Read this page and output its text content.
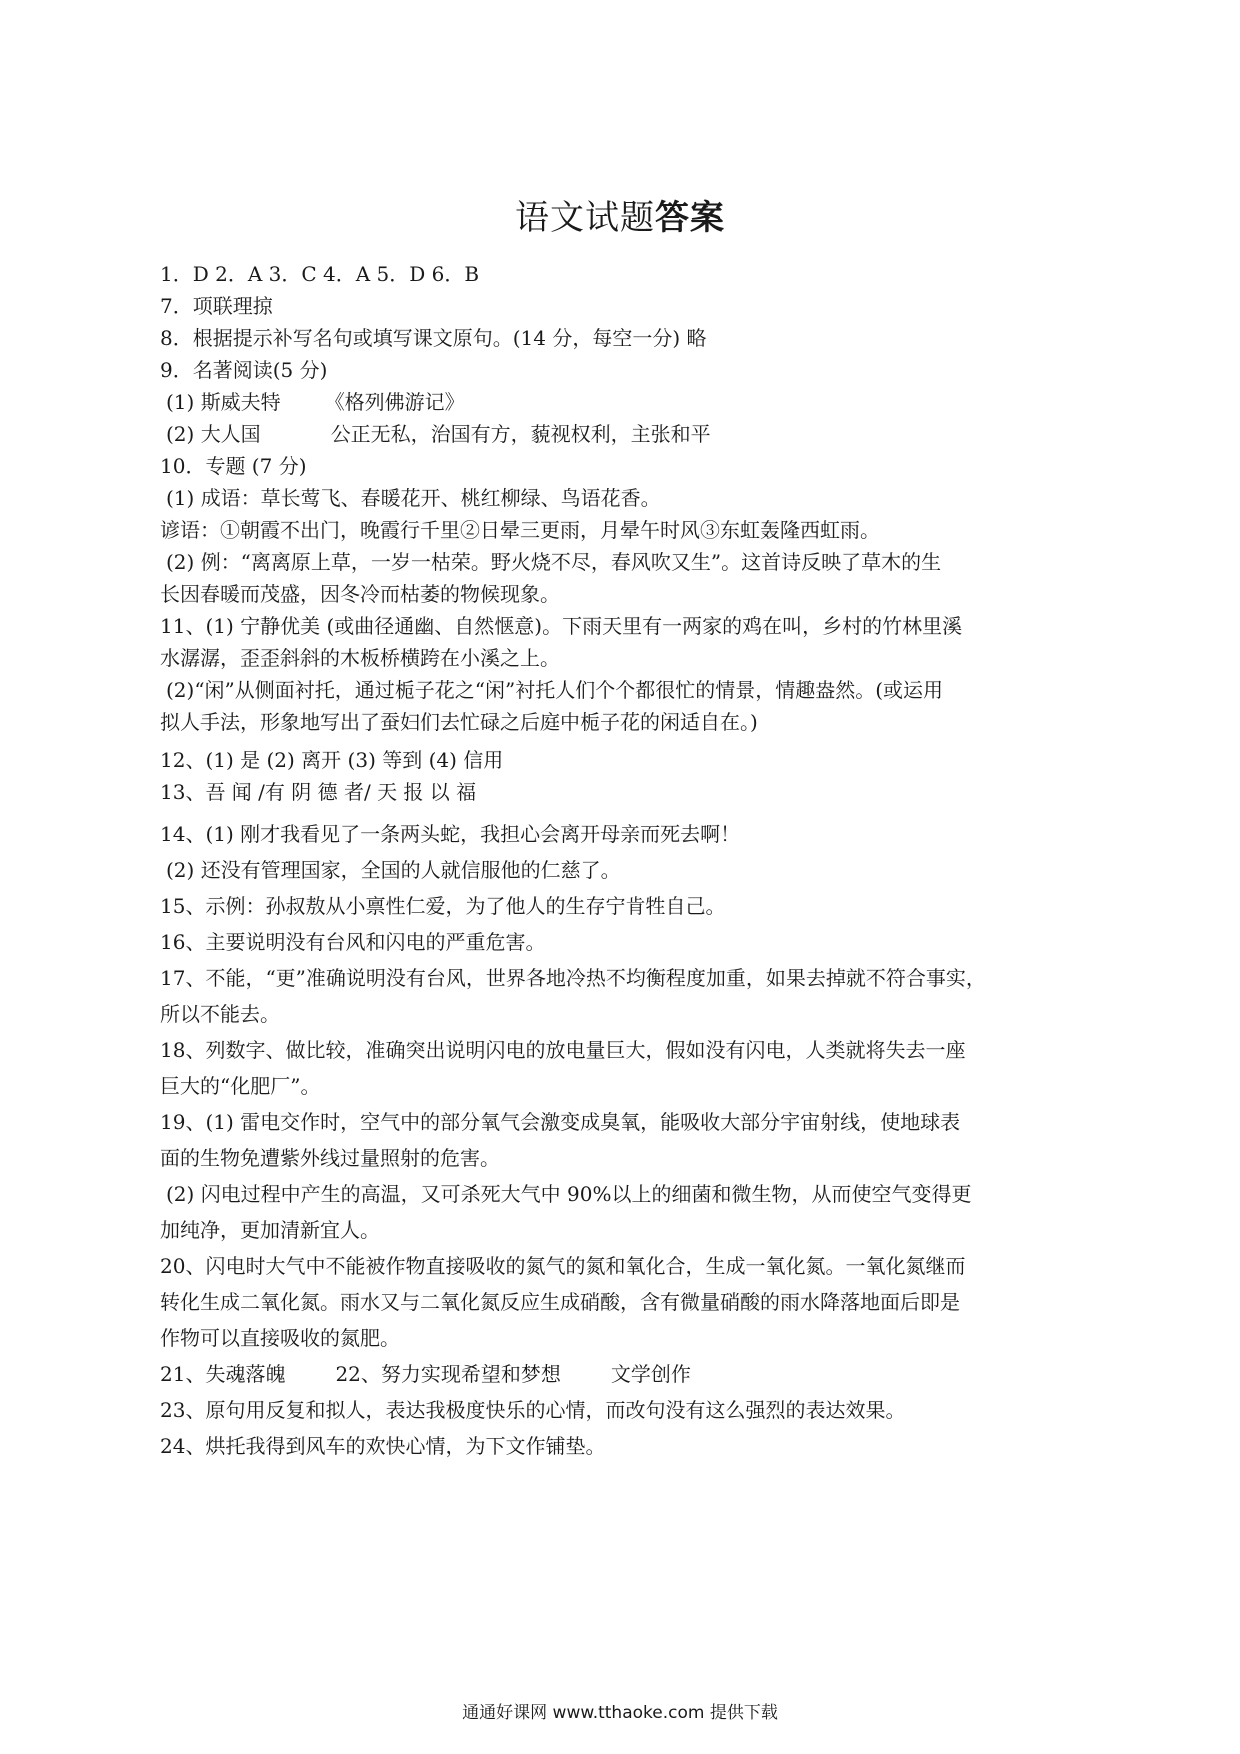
语文试题答案
1．D 2．A 3．C 4．A 5．D 6．B
7．项联理掠
8．根据提示补写名句或填写课文原句。(14 分，每空一分) 略
9．名著阅读(5 分)
(1) 斯威夫特 《格列佛游记》
(2) 大人国	公正无私，治国有方，藐视权利，主张和平
10．专题 (7 分)
(1) 成语：草长莺飞、春暖花开、桃红柳绿、鸟语花香。
谚语：①朝霞不出门，晚霞行千里②日晕三更雨，月晕午时风③东虹轰隆西虹雨。
(2) 例：“离离原上草，一岁一枯荣。野火烧不尽，春风吹又生”。这首诗反映了草木的生
长因春暖而茂盛，因冬冷而枯萎的物候现象。
11、(1) 宁静优美 (或曲径通幽、自然惬意)。下雨天里有一两家的鸡在叫，乡村的竹林里溪
水潺潺，歪歪斜斜的木板桥横跨在小溪之上。
(2)“闲”从侧面衬托，通过栀子花之“闲”衬托人们个个都很忙的情景，情趣盎然。(或运用
拟人手法，形象地写出了蚕妇们去忙碌之后庭中栀子花的闲适自在。)
12、(1) 是 (2) 离开 (3) 等到 (4) 信用
13、吾 闻 /有 阴 德 者/ 天 报 以 福
14、(1) 刚才我看见了一条两头蛇，我担心会离开母亲而死去啊！
(2) 还没有管理国家，全国的人就信服他的仁慈了。
15、示例：孙叔敖从小禀性仁爱，为了他人的生存宁肯牲自己。
16、主要说明没有台风和闪电的严重危害。
17、不能，“更”准确说明没有台风，世界各地冷热不均衡程度加重，如果去掉就不符合事实，
所以不能去。
18、列数字、做比较，准确突出说明闪电的放电量巨大，假如没有闪电，人类就将失去一座
巨大的“化肥厂”。
19、(1) 雷电交作时，空气中的部分氧气会激变成臭氧，能吸收大部分宇宙射线，使地球表
面的生物免遭紫外线过量照射的危害。
(2) 闪电过程中产生的高温，又可杀死大气中 90%以上的细菌和微生物，从而使空气变得更
加纯净，更加清新宜人。
20、闪电时大气中不能被作物直接吸收的氮气的氮和氧化合，生成一氧化氮。一氧化氮继而
转化生成二氧化氮。雨水又与二氧化氮反应生成硝酸，含有微量硝酸的雨水降落地面后即是
作物可以直接吸收的氮肥。
21、失魂落魄	22、努力实现希望和梦想	文学创作
23、原句用反复和拟人，表达我极度快乐的心情，而改句没有这么强烈的表达效果。
24、烘托我得到风车的欢快心情，为下文作铺垫。
通通好课网 www.tthaoke.com 提供下载
